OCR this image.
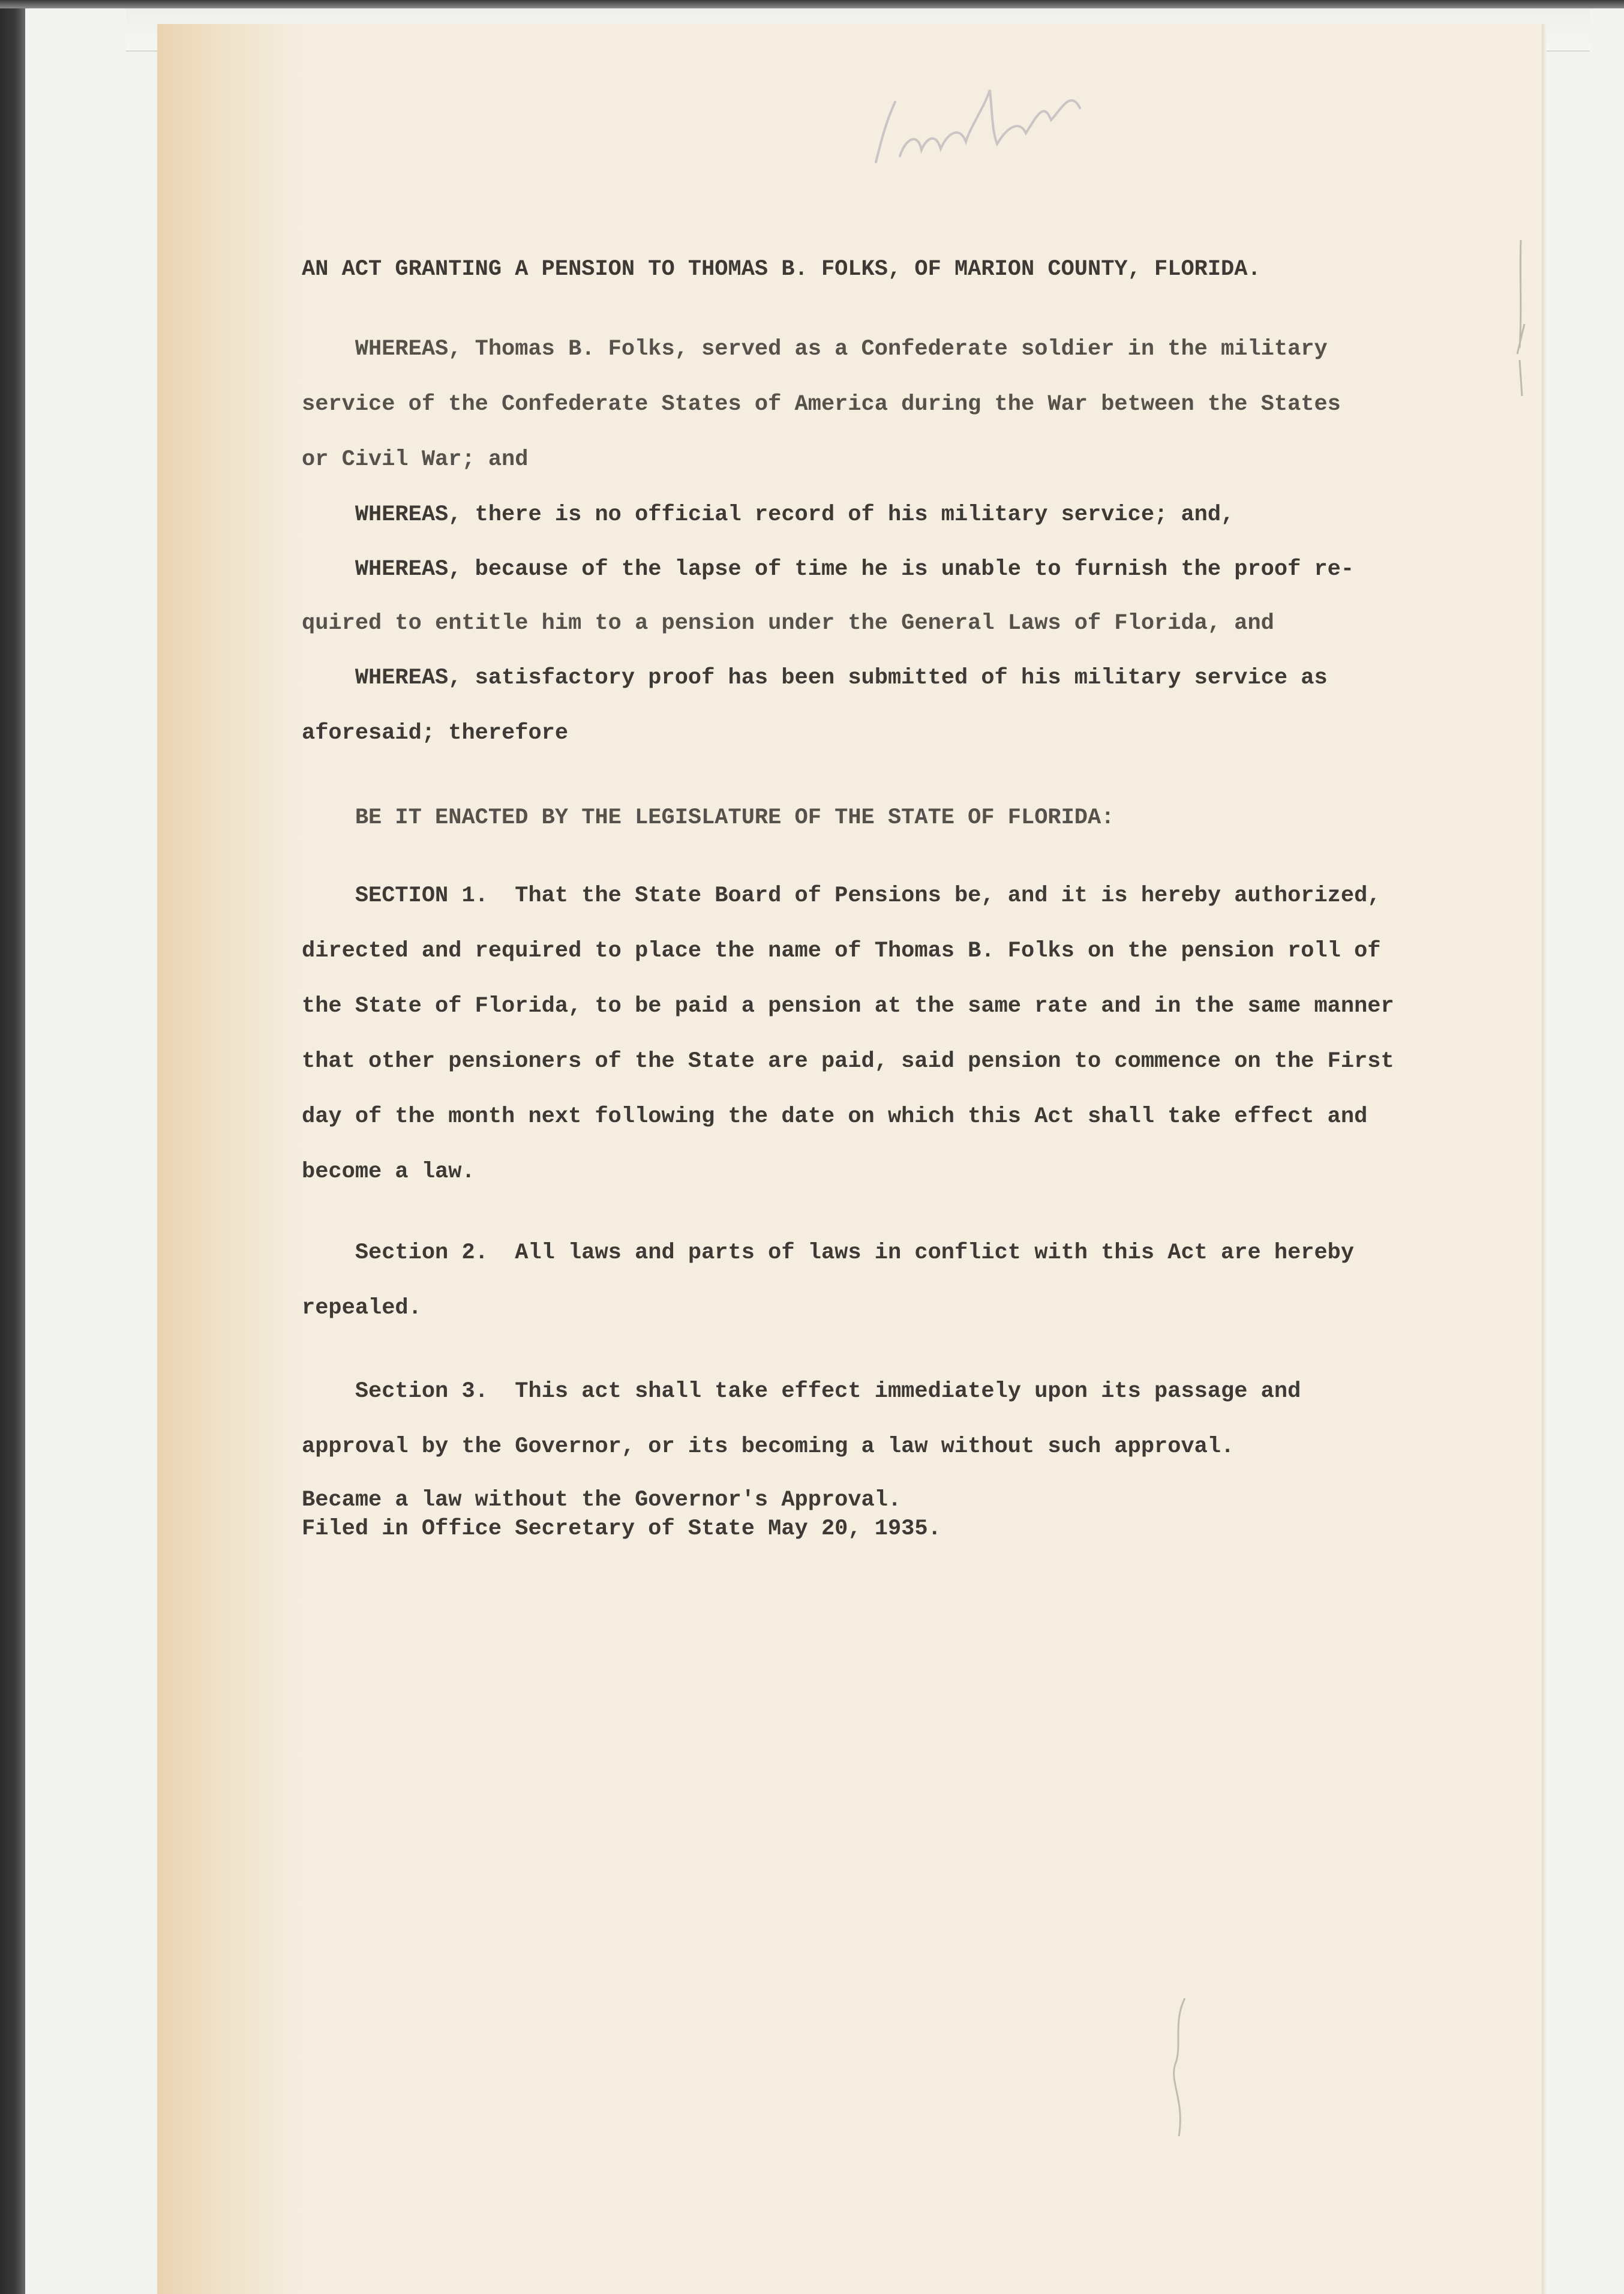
AN ACT GRANTING A PENSION TO THOMAS B. FOLKS, OF MARION COUNTY, FLORIDA.

WHEREAS, Thomas B. Folks, served as a Confederate soldier in the military

service of the Confederate States of America during the War between the States

or Civil War; and

WHEREAS, there is no official record of his military service; and,

WHEREAS, because of the lapse of time he is unable to furnish the proof re-

quired to entitle him to a pension under the General Laws of Florida, and

WHEREAS, satisfactory proof has been submitted of his military service as

aforesaid; therefore

BE IT ENACTED BY THE LEGISLATURE OF THE STATE OF FLORIDA:

SECTION 1.  That the State Board of Pensions be, and it is hereby authorized,

directed and required to place the name of Thomas B. Folks on the pension roll of

the State of Florida, to be paid a pension at the same rate and in the same manner

that other pensioners of the State are paid, said pension to commence on the First

day of the month next following the date on which this Act shall take effect and

become a law.

Section 2.  All laws and parts of laws in conflict with this Act are hereby

repealed.

Section 3.  This act shall take effect immediately upon its passage and

approval by the Governor, or its becoming a law without such approval.

Became a law without the Governor's Approval.

Filed in Office Secretary of State May 20, 1935.
